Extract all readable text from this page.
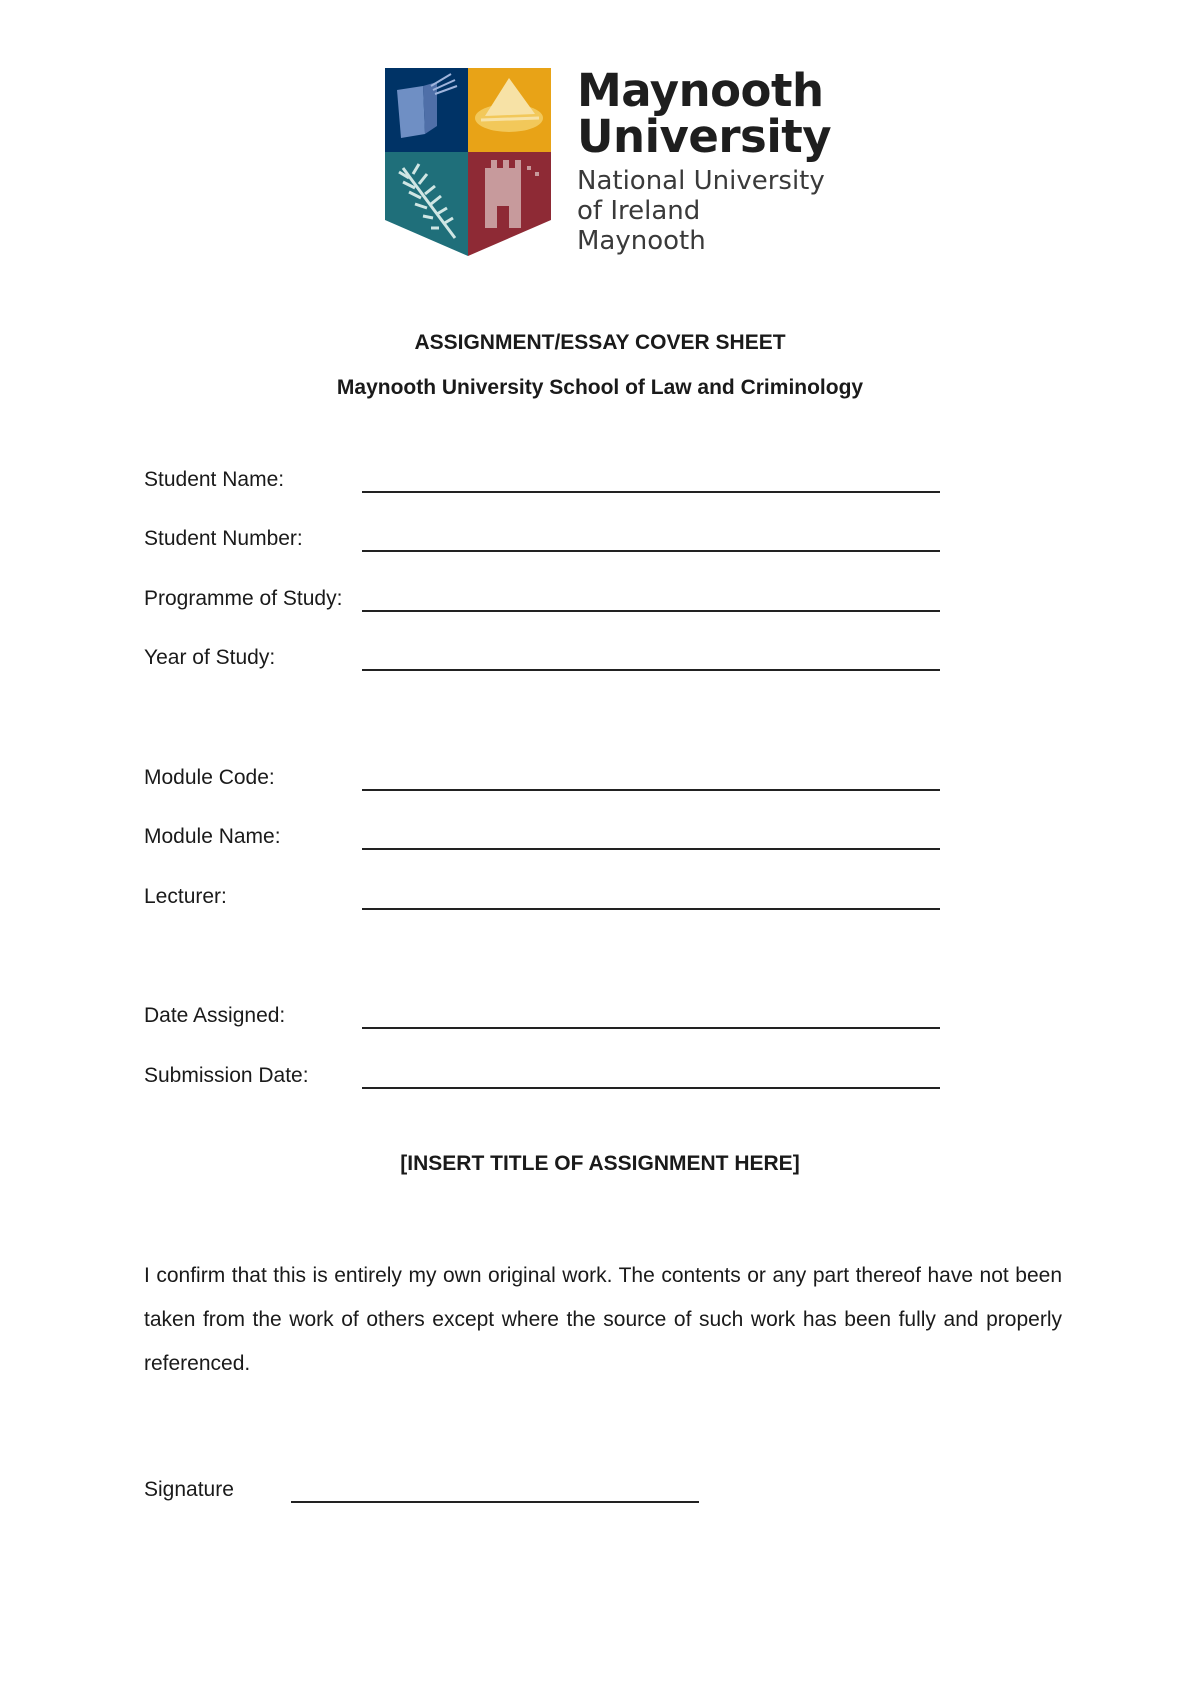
Maynooth

University

National University

of Ireland Maynooth

ASSIGNMENT/ESSAY COVER SHEET
Maynooth University School of Law and Criminology
Student Name:
Student Number:
Programme of Study:
Year of Study:
Module Code:
Module Name:
Lecturer:
Date Assigned:
Submission Date:
[INSERT TITLE OF ASSIGNMENT HERE]

I confirm that this is entirely my own original work. The contents or any part thereof have not been taken from the work of others except where the source of such work has been fully and properly referenced.

Signature
